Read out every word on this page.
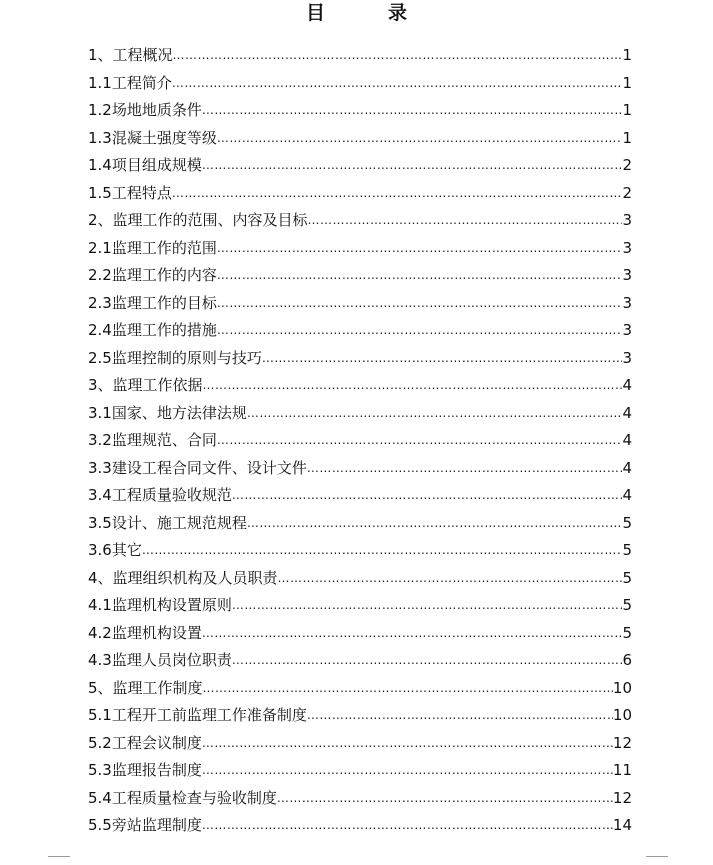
目　录
1、工程概况 ……………………………………………………………………………………………………………………………………	1
1.1工程简介 ……………………………………………………………………………………………………………………………………	1
1.2场地地质条件 ……………………………………………………………………………………………………………………………………	1
1.3混凝土强度等级 ……………………………………………………………………………………………………………………………………	1
1.4项目组成规模 ……………………………………………………………………………………………………………………………………	2
1.5工程特点 ……………………………………………………………………………………………………………………………………	2
2、监理工作的范围、内容及目标 ……………………………………………………………………………………………………………………………………	3
2.1监理工作的范围 ……………………………………………………………………………………………………………………………………	3
2.2监理工作的内容 ……………………………………………………………………………………………………………………………………	3
2.3监理工作的目标 ……………………………………………………………………………………………………………………………………	3
2.4监理工作的措施 ……………………………………………………………………………………………………………………………………	3
2.5监理控制的原则与技巧 ……………………………………………………………………………………………………………………………………	3
3、监理工作依据 ……………………………………………………………………………………………………………………………………	4
3.1国家、地方法律法规 ……………………………………………………………………………………………………………………………………	4
3.2监理规范、合同 ……………………………………………………………………………………………………………………………………	4
3.3建设工程合同文件、设计文件 ……………………………………………………………………………………………………………………………………	4
3.4工程质量验收规范 ……………………………………………………………………………………………………………………………………	4
3.5设计、施工规范规程 ……………………………………………………………………………………………………………………………………	5
3.6其它 ……………………………………………………………………………………………………………………………………	5
4、监理组织机构及人员职责 ……………………………………………………………………………………………………………………………………	5
4.1监理机构设置原则 ……………………………………………………………………………………………………………………………………	5
4.2监理机构设置 ……………………………………………………………………………………………………………………………………	5
4.3监理人员岗位职责 ……………………………………………………………………………………………………………………………………	6
5、监理工作制度 ……………………………………………………………………………………………………………………………………	10
5.1工程开工前监理工作准备制度 ……………………………………………………………………………………………………………………………………	10
5.2工程会议制度 ……………………………………………………………………………………………………………………………………	12
5.3监理报告制度 ……………………………………………………………………………………………………………………………………	11
5.4工程质量检查与验收制度 ……………………………………………………………………………………………………………………………………	12
5.5旁站监理制度 ……………………………………………………………………………………………………………………………………	14
